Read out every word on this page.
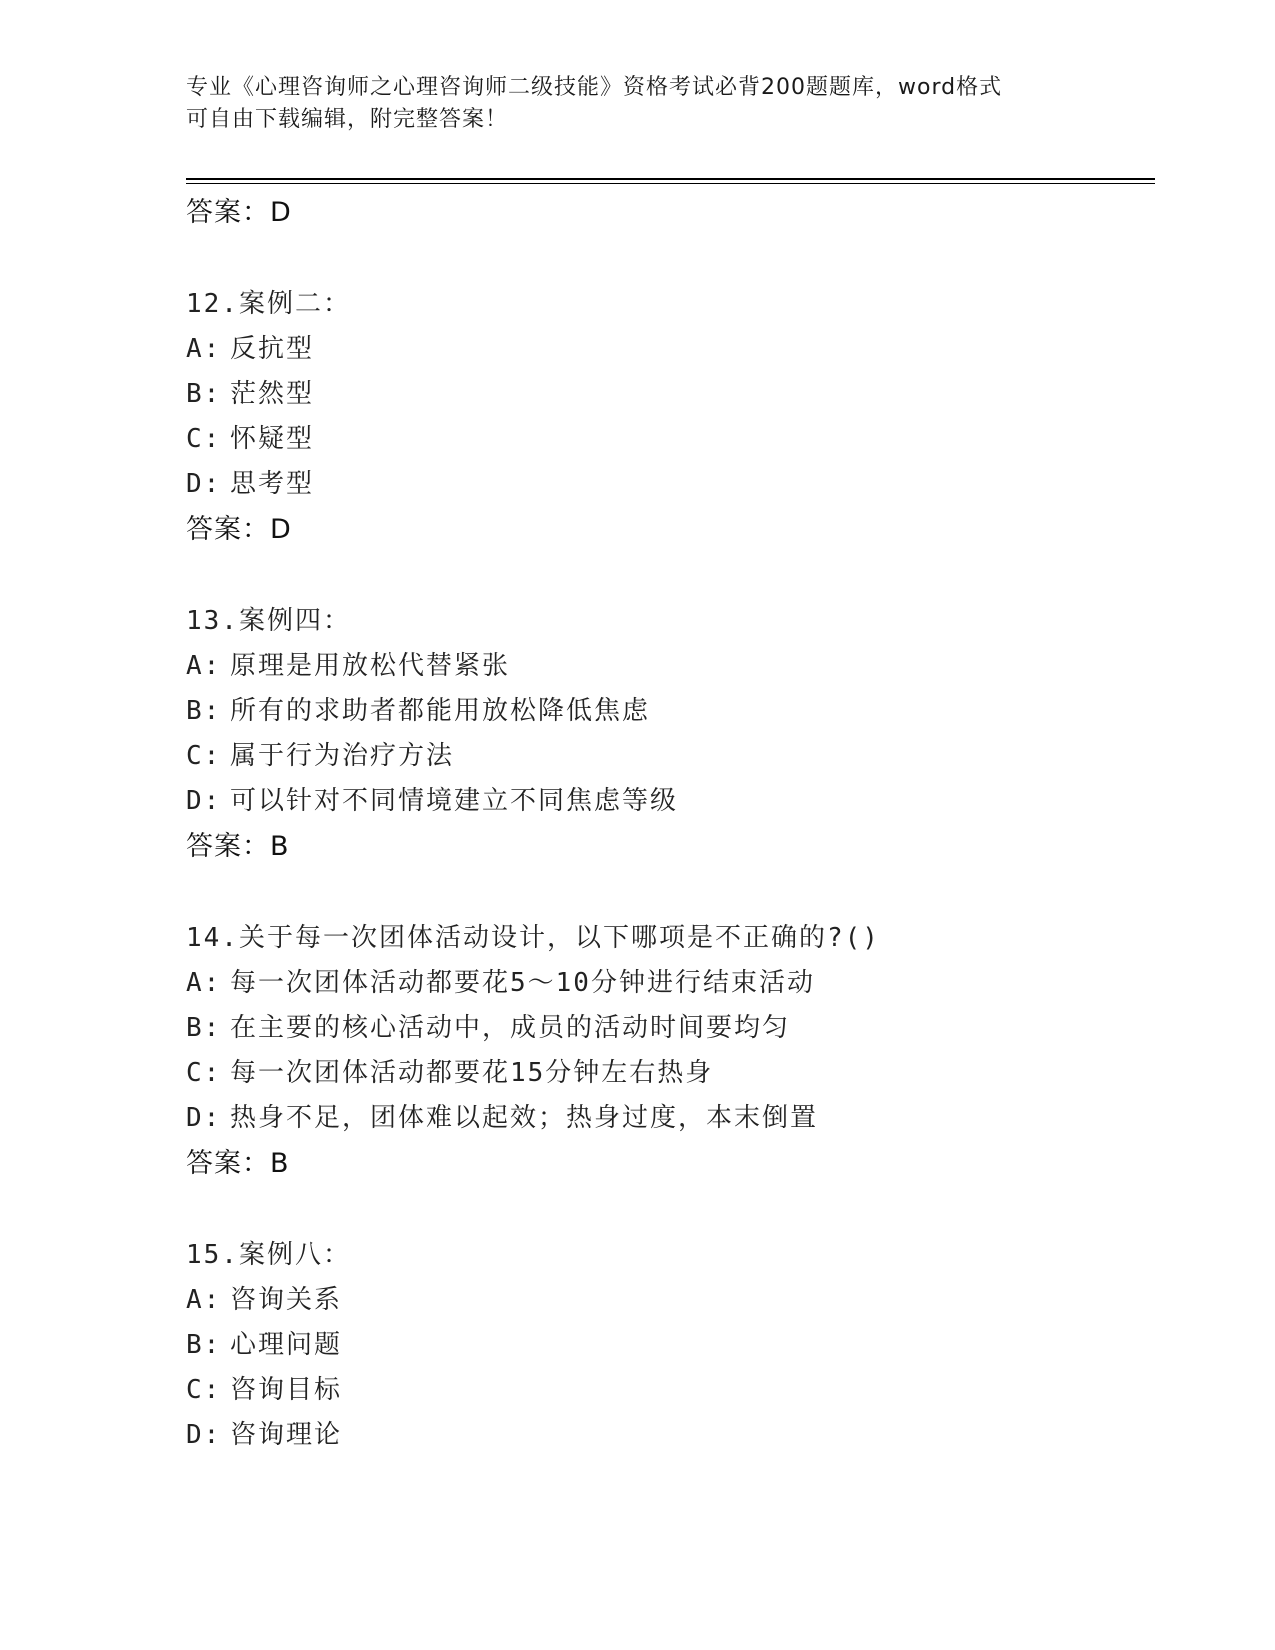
专业《心理咨询师之心理咨询师二级技能》资格考试必背200题题库，word格式
可自由下载编辑，附完整答案！
答案：D
12.案例二：
A: 反抗型
B: 茫然型
C: 怀疑型
D: 思考型
答案：D
13.案例四：
A: 原理是用放松代替紧张
B: 所有的求助者都能用放松降低焦虑
C: 属于行为治疗方法
D: 可以针对不同情境建立不同焦虑等级
答案：B
14.关于每一次团体活动设计，以下哪项是不正确的?()
A: 每一次团体活动都要花5～10分钟进行结束活动
B: 在主要的核心活动中，成员的活动时间要均匀
C: 每一次团体活动都要花15分钟左右热身
D: 热身不足，团体难以起效；热身过度，本末倒置
答案：B
15.案例八：
A: 咨询关系
B: 心理问题
C: 咨询目标
D: 咨询理论
